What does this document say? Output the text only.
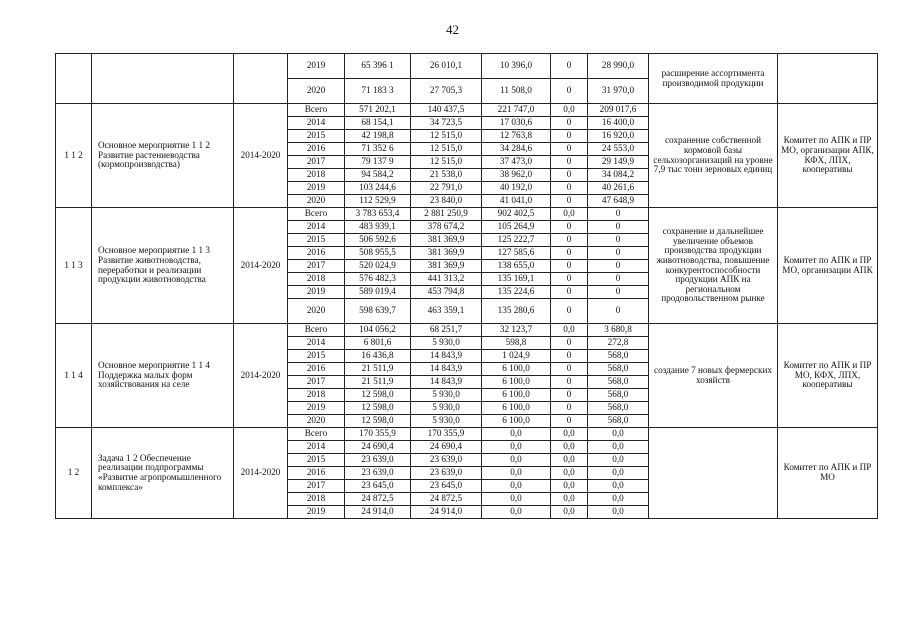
42
			2019	65 396 1	26 010,1	10 396,0	0	28 990,0	расширение ассортимента производимой продукции	
			2020	71 183 3	27 705,3	11 508,0	0	31 970,0		
1 1 2	Основное мероприятие 1 1 2 Развитие растениеводства (кормопроизводства)	2014-2020	Всего	571 202,1	140 437,5	221 747,0	0,0	209 017,6	сохранение собственной кормовой базы сельхозорганизаций на уровне 7,9 тыс тонн зерновых единиц	Комитет по АПК и ПР МО, организации АПК, КФХ, ЛПХ, кооперативы
			2014	68 154,1	34 723,5	17 030,6	0	16 400,0		
			2015	42 198,8	12 515,0	12 763,8	0	16 920,0		
			2016	71 352 6	12 515,0	34 284,6	0	24 553,0		
			2017	79 137 9	12 515,0	37 473,0	0	29 149,9		
			2018	94 584,2	21 538,0	38 962,0	0	34 084,2		
			2019	103 244,6	22 791,0	40 192,0	0	40 261,6		
			2020	112 529,9	23 840,0	41 041,0	0	47 648,9		
1 1 3	Основное мероприятие 1 1 3 Развитие животноводства, переработки и реализации продукции животноводства	2014-2020	Всего	3 783 653,4	2 881 250,9	902 402,5	0,0	0	сохранение и дальнейшее увеличение объемов производства продукции животноводства, повышение конкурентоспособности продукции АПК на региональном продовольственном рынке	Комитет по АПК и ПР МО, организации АПК
			2014	483 939,1	378 674,2	105 264,9	0	0		
			2015	506 592,6	381 369,9	125 222,7	0	0		
			2016	508 955,5	381 369,9	127 585,6	0	0		
			2017	520 024,9	381 369,9	138 655,0	0	0		
			2018	576 482,3	441 313,2	135 169,1	0	0		
			2019	589 019,4	453 794,8	135 224,6	0	0		
			2020	598 639,7	463 359,1	135 280,6	0	0		
1 1 4	Основное мероприятие 1 1 4 Поддержка малых форм хозяйствования на селе	2014-2020	Всего	104 056,2	68 251,7	32 123,7	0,0	3 680,8	создание 7 новых фермерских хозяйств	Комитет по АПК и ПР МО, КФХ, ЛПХ, кооперативы
			2014	6 801,6	5 930,0	598,8	0	272,8		
			2015	16 436,8	14 843,9	1 024,9	0	568,0		
			2016	21 511,9	14 843,9	6 100,0	0	568,0		
			2017	21 511,9	14 843,9	6 100,0	0	568,0		
			2018	12 598,0	5 930,0	6 100,0	0	568,0		
			2019	12 598,0	5 930,0	6 100,0	0	568,0		
			2020	12 598,0	5 930,0	6 100,0	0	568,0		
1 2	Задача 1 2 Обеспечение реализации подпрограммы «Развитие агропромышленного комплекса»	2014-2020	Всего	170 355,9	170 355,9	0,0	0,0	0,0		Комитет по АПК и ПР МО
			2014	24 690,4	24 690,4	0,0	0,0	0,0		
			2015	23 639,0	23 639,0	0,0	0,0	0,0		
			2016	23 639,0	23 639,0	0,0	0,0	0,0		
			2017	23 645,0	23 645,0	0,0	0,0	0,0		
			2018	24 872,5	24 872,5	0,0	0,0	0,0		
			2019	24 914,0	24 914,0	0,0	0,0	0,0		
